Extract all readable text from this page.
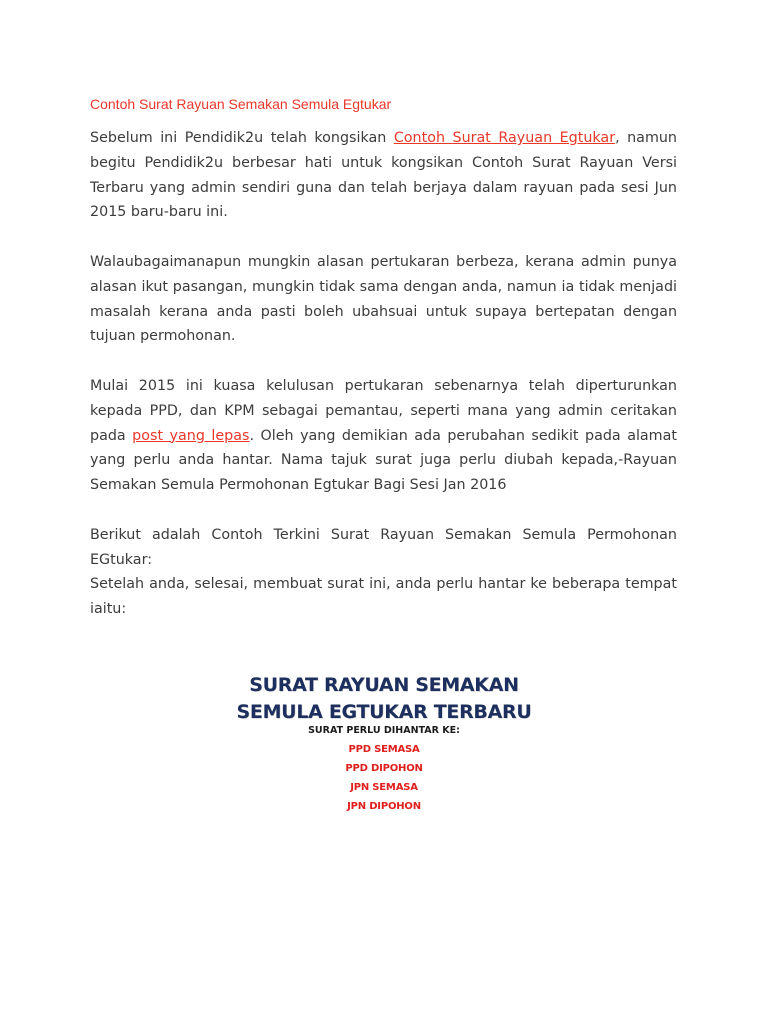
Contoh Surat Rayuan Semakan Semula Egtukar

Sebelum ini Pendidik2u telah kongsikan Contoh Surat Rayuan Egtukar, namun begitu Pendidik2u berbesar hati untuk kongsikan Contoh Surat Rayuan Versi Terbaru yang admin sendiri guna dan telah berjaya dalam rayuan pada sesi Jun 2015 baru-baru ini.

Walaubagaimanapun mungkin alasan pertukaran berbeza, kerana admin punya alasan ikut pasangan, mungkin tidak sama dengan anda, namun ia tidak menjadi masalah kerana anda pasti boleh ubahsuai untuk supaya bertepatan dengan tujuan permohonan.

Mulai 2015 ini kuasa kelulusan pertukaran sebenarnya telah diperturunkan kepada PPD, dan KPM sebagai pemantau, seperti mana yang admin ceritakan pada post yang lepas. Oleh yang demikian ada perubahan sedikit pada alamat yang perlu anda hantar. Nama tajuk surat juga perlu diubah kepada,-Rayuan Semakan Semula Permohonan Egtukar Bagi Sesi Jan 2016

Berikut adalah Contoh Terkini Surat Rayuan Semakan Semula Permohonan EGtukar:

Setelah anda, selesai, membuat surat ini, anda perlu hantar ke beberapa tempat iaitu:

SURAT RAYUAN SEMAKAN
SEMULA EGTUKAR TERBARU
SURAT PERLU DIHANTAR KE:
PPD SEMASA
PPD DIPOHON
JPN SEMASA
JPN DIPOHON
